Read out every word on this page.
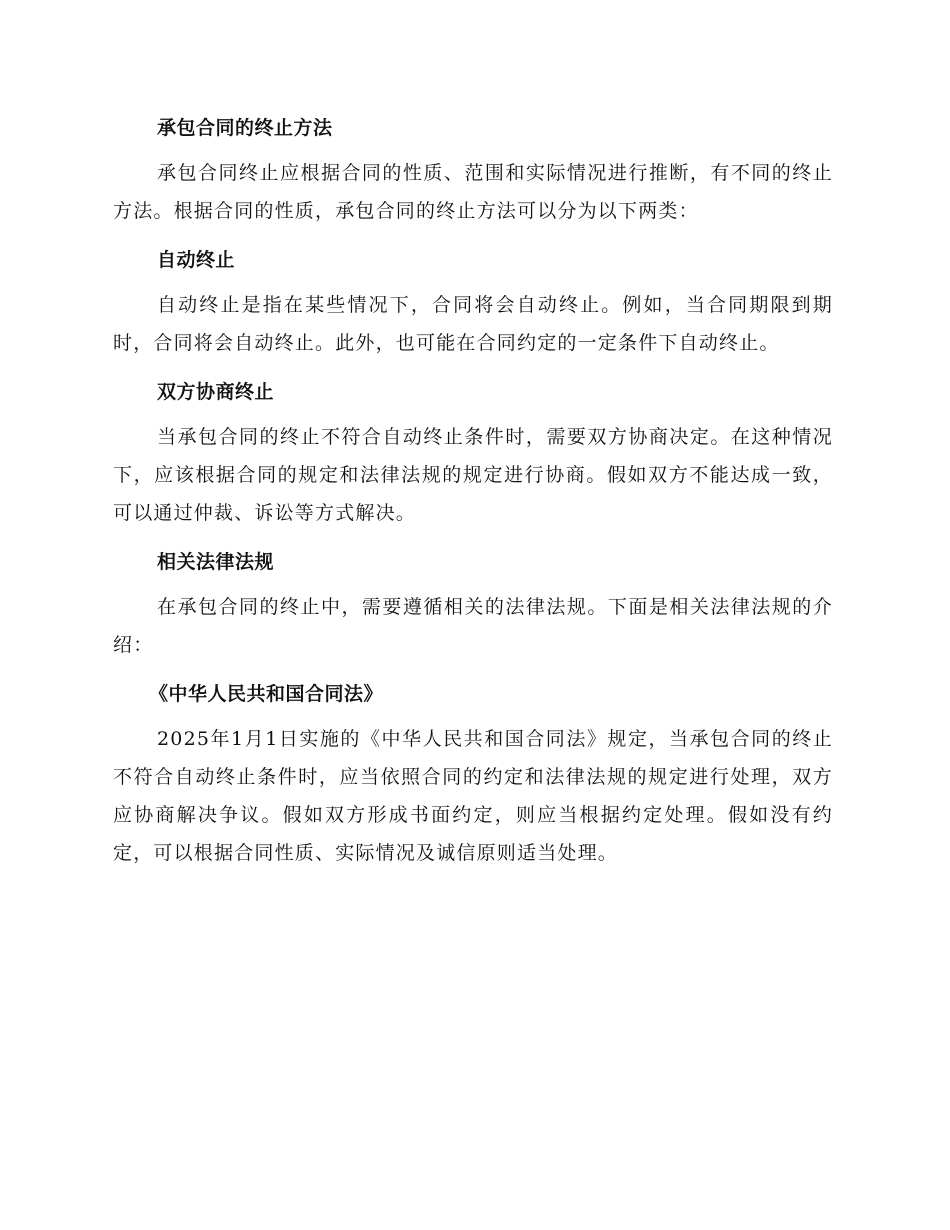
承包合同的终止方法

承包合同终止应根据合同的性质、范围和实际情况进行推断，有不同的终止方法。根据合同的性质，承包合同的终止方法可以分为以下两类：

自动终止

自动终止是指在某些情况下，合同将会自动终止。例如，当合同期限到期时，合同将会自动终止。此外，也可能在合同约定的一定条件下自动终止。

双方协商终止

当承包合同的终止不符合自动终止条件时，需要双方协商决定。在这种情况下，应该根据合同的规定和法律法规的规定进行协商。假如双方不能达成一致，可以通过仲裁、诉讼等方式解决。

相关法律法规

在承包合同的终止中，需要遵循相关的法律法规。下面是相关法律法规的介绍：

《中华人民共和国合同法》

2025年1月1日实施的《中华人民共和国合同法》规定，当承包合同的终止不符合自动终止条件时，应当依照合同的约定和法律法规的规定进行处理，双方应协商解决争议。假如双方形成书面约定，则应当根据约定处理。假如没有约定，可以根据合同性质、实际情况及诚信原则适当处理。
